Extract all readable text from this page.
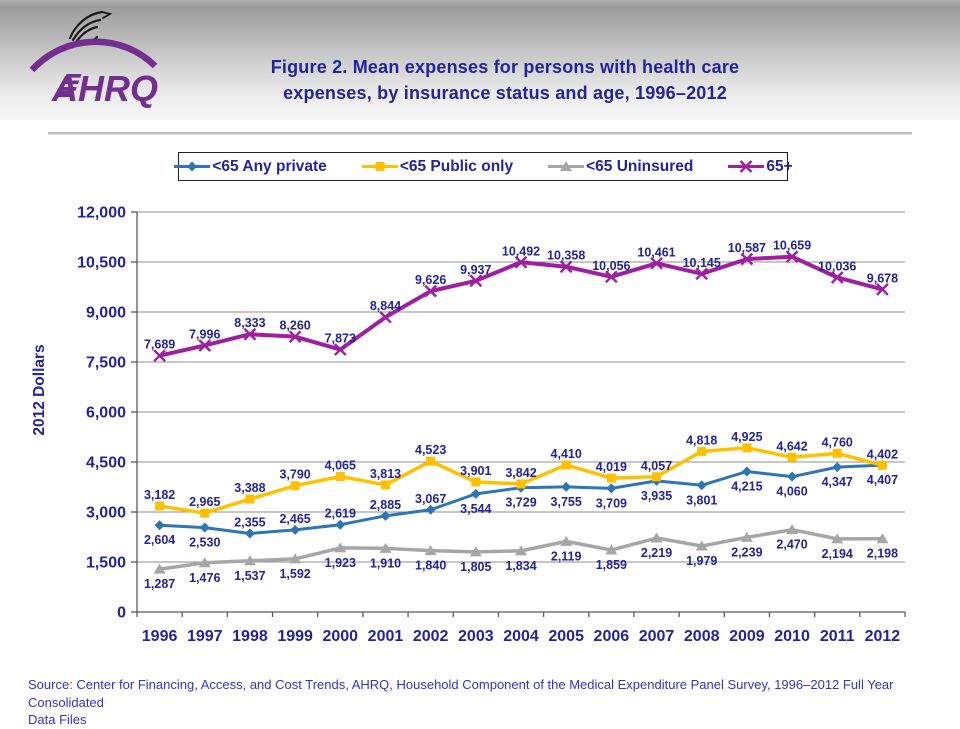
AHRQ
Figure 2. Mean expenses for persons with health care
expenses, by insurance status and age, 1996–2012
<65 Any private	<65 Public only	<65 Uninsured	65+
0
1,500
3,000
4,500
6,000
7,500
9,000
10,500
12,000
1996 1997 1998 1999 2000 2001 2002 2003 2004 2005 2006 2007 2008 2009 2010 2011 2012
2012 Dollars
1,287 1,476 1,537 1,592
1,923 1,910 1,840 1,805 1,834
2,119
1,859
2,219
1,979
2,239
2,470
2,194 2,198
2,604 2,530
2,355 2,465 2,619
2,885 3,067
3,544 3,729 3,755 3,709
3,935 3,801
4,215 4,060
4,347 4,407
3,182
2,965
3,388
3,790
4,065
3,813
4,523
3,901 3,842
4,410
4,019 4,057
4,818 4,925
4,642 4,760
4,402
7,689
7,996
8,333 8,260
7,873
8,844
9,626
9,937
10,492 10,358
10,056
10,461
10,145
10,587 10,659
10,036
9,678
Source: Center for Financing, Access, and Cost Trends, AHRQ, Household Component of the Medical Expenditure Panel Survey, 1996–2012 Full Year Consolidated
Data Files
